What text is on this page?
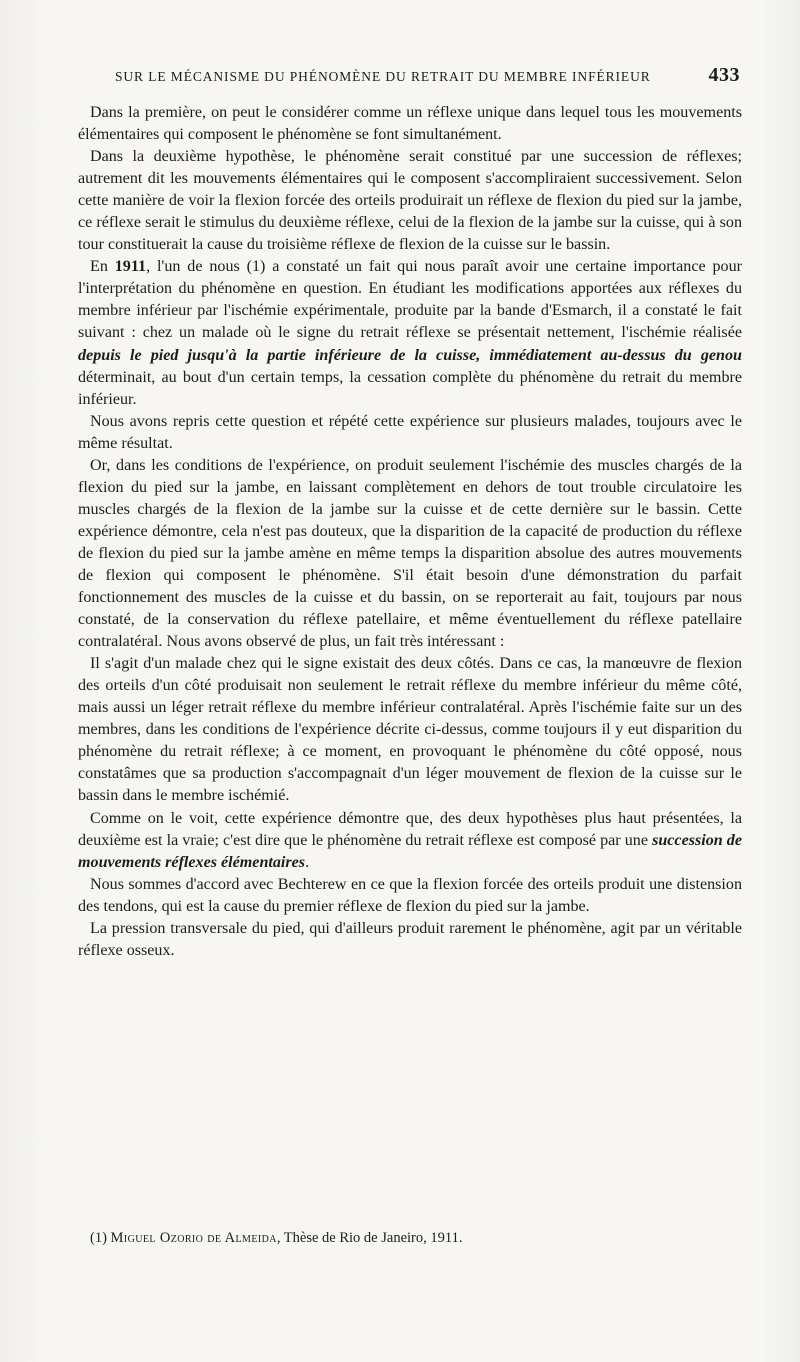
SUR LE MÉCANISME DU PHÉNOMÈNE DU RETRAIT DU MEMBRE INFÉRIEUR	433

Dans la première, on peut le considérer comme un réflexe unique dans lequel tous les mouvements élémentaires qui composent le phénomène se font simultanément.

Dans la deuxième hypothèse, le phénomène serait constitué par une succession de réflexes; autrement dit les mouvements élémentaires qui le composent s'accompliraient successivement. Selon cette manière de voir la flexion forcée des orteils produirait un réflexe de flexion du pied sur la jambe, ce réflexe serait le stimulus du deuxième réflexe, celui de la flexion de la jambe sur la cuisse, qui à son tour constituerait la cause du troisième réflexe de flexion de la cuisse sur le bassin.

En 1911, l'un de nous (1) a constaté un fait qui nous paraît avoir une certaine importance pour l'interprétation du phénomène en question. En étudiant les modifications apportées aux réflexes du membre inférieur par l'ischémie expérimentale, produite par la bande d'Esmarch, il a constaté le fait suivant : chez un malade où le signe du retrait réflexe se présentait nettement, l'ischémie réalisée depuis le pied jusqu'à la partie inférieure de la cuisse, immédiatement au-dessus du genou déterminait, au bout d'un certain temps, la cessation complète du phénomène du retrait du membre inférieur.

Nous avons repris cette question et répété cette expérience sur plusieurs malades, toujours avec le même résultat.

Or, dans les conditions de l'expérience, on produit seulement l'ischémie des muscles chargés de la flexion du pied sur la jambe, en laissant complètement en dehors de tout trouble circulatoire les muscles chargés de la flexion de la jambe sur la cuisse et de cette dernière sur le bassin. Cette expérience démontre, cela n'est pas douteux, que la disparition de la capacité de production du réflexe de flexion du pied sur la jambe amène en même temps la disparition absolue des autres mouvements de flexion qui composent le phénomène. S'il était besoin d'une démonstration du parfait fonctionnement des muscles de la cuisse et du bassin, on se reporterait au fait, toujours par nous constaté, de la conservation du réflexe patellaire, et même éventuellement du réflexe patellaire contralatéral. Nous avons observé de plus, un fait très intéressant :

Il s'agit d'un malade chez qui le signe existait des deux côtés. Dans ce cas, la manœuvre de flexion des orteils d'un côté produisait non seulement le retrait réflexe du membre inférieur du même côté, mais aussi un léger retrait réflexe du membre inférieur contralatéral. Après l'ischémie faite sur un des membres, dans les conditions de l'expérience décrite ci-dessus, comme toujours il y eut disparition du phénomène du retrait réflexe; à ce moment, en provoquant le phénomène du côté opposé, nous constatâmes que sa production s'accompagnait d'un léger mouvement de flexion de la cuisse sur le bassin dans le membre ischémié.

Comme on le voit, cette expérience démontre que, des deux hypothèses plus haut présentées, la deuxième est la vraie; c'est dire que le phénomène du retrait réflexe est composé par une succession de mouvements réflexes élémentaires.

Nous sommes d'accord avec Bechterew en ce que la flexion forcée des orteils produit une distension des tendons, qui est la cause du premier réflexe de flexion du pied sur la jambe.

La pression transversale du pied, qui d'ailleurs produit rarement le phénomène, agit par un véritable réflexe osseux.

(1) Miguel Ozorio de Almeida, Thèse de Rio de Janeiro, 1911.
